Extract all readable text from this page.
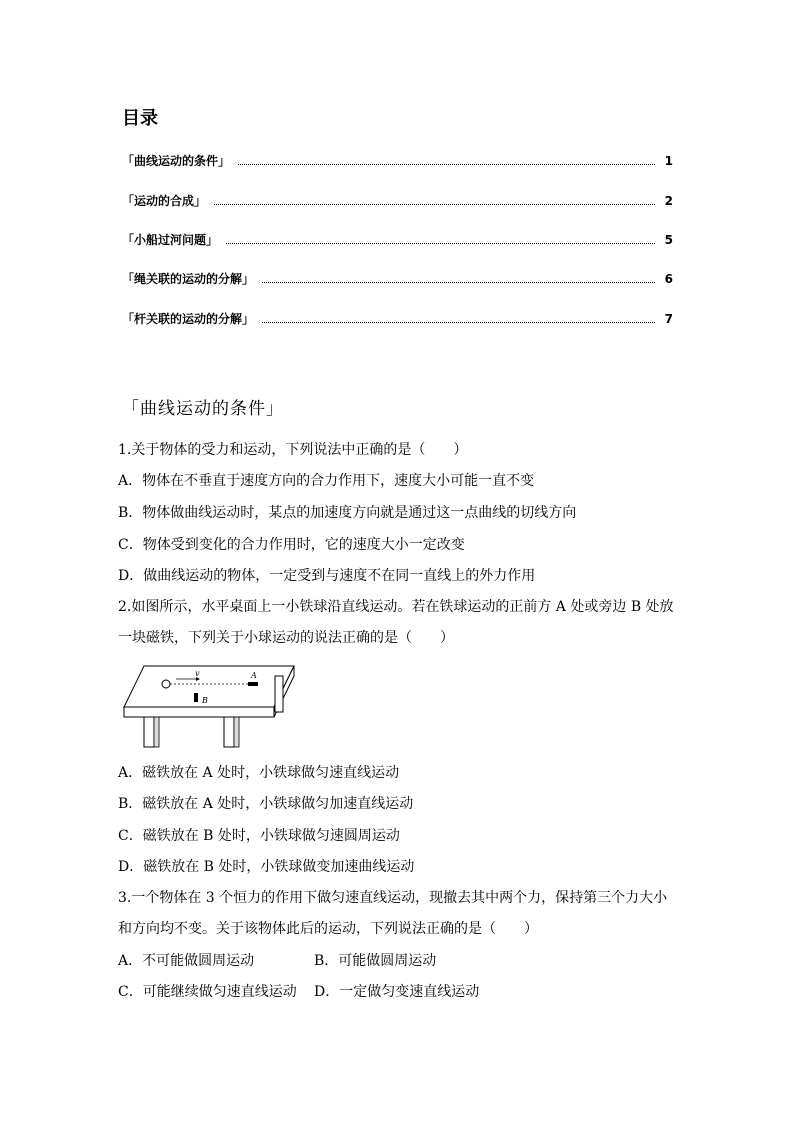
目录
「曲线运动的条件」	1
「运动的合成」	2
「小船过河问题」	5
「绳关联的运动的分解」	6
「杆关联的运动的分解」	7
「曲线运动的条件」
1.关于物体的受力和运动，下列说法中正确的是（　　）
A．物体在不垂直于速度方向的合力作用下，速度大小可能一直不变
B．物体做曲线运动时，某点的加速度方向就是通过这一点曲线的切线方向
C．物体受到变化的合力作用时，它的速度大小一定改变
D．做曲线运动的物体，一定受到与速度不在同一直线上的外力作用
2.如图所示，水平桌面上一小铁球沿直线运动。若在铁球运动的正前方 A 处或旁边 B 处放
一块磁铁，下列关于小球运动的说法正确的是（　　）
v	A
B
A．磁铁放在 A 处时，小铁球做匀速直线运动
B．磁铁放在 A 处时，小铁球做匀加速直线运动
C．磁铁放在 B 处时，小铁球做匀速圆周运动
D．磁铁放在 B 处时，小铁球做变加速曲线运动
3.一个物体在 3 个恒力的作用下做匀速直线运动，现撤去其中两个力，保持第三个力大小
和方向均不变。关于该物体此后的运动，下列说法正确的是（　　）
A．不可能做圆周运动	B．可能做圆周运动
C．可能继续做匀速直线运动 D．一定做匀变速直线运动
